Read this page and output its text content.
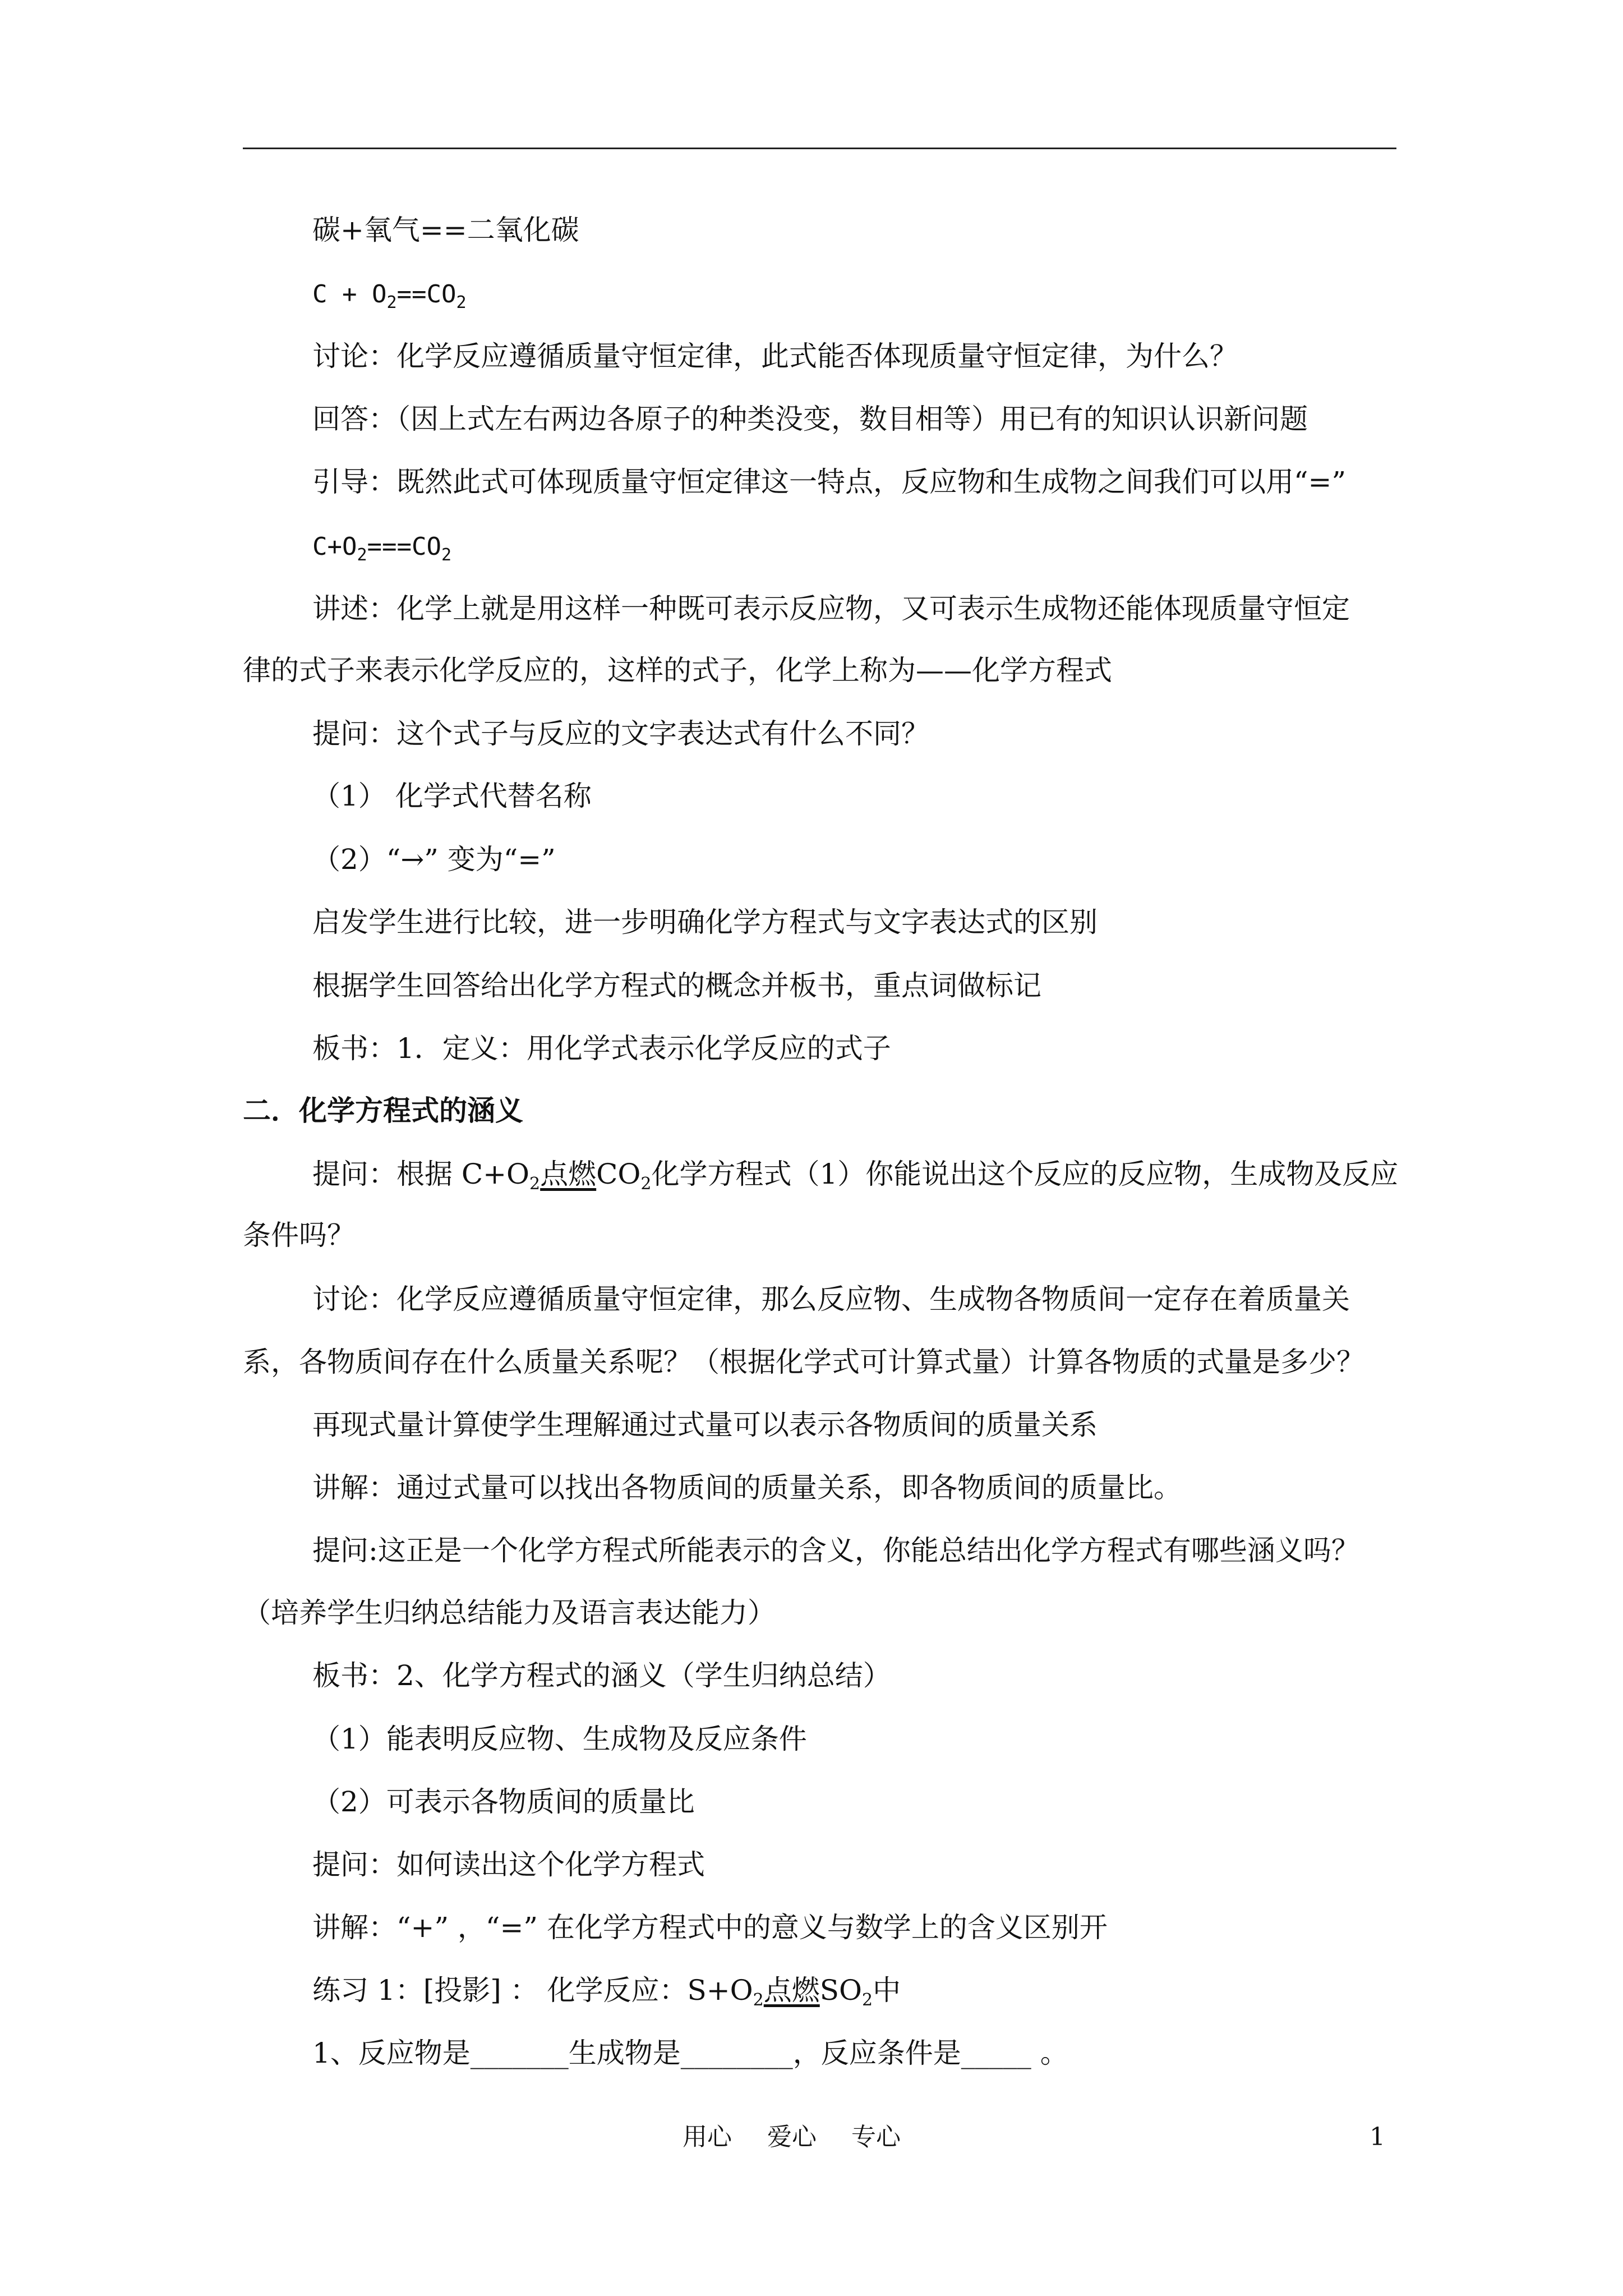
碳+氧气==二氧化碳
$C + O_2==CO_2$
讨论：化学反应遵循质量守恒定律，此式能否体现质量守恒定律，为什么？
回答：（因上式左右两边各原子的种类没变，数目相等）用已有的知识认识新问题
引导：既然此式可体现质量守恒定律这一特点，反应物和生成物之间我们可以用“=”
$C+O_2===CO_2$
讲述：化学上就是用这样一种既可表示反应物，又可表示生成物还能体现质量守恒定
律的式子来表示化学反应的，这样的式子，化学上称为——化学方程式
提问：这个式子与反应的文字表达式有什么不同？
（1） 化学式代替名称
（2）“→” 变为“=”
启发学生进行比较，进一步明确化学方程式与文字表达式的区别
根据学生回答给出化学方程式的概念并板书，重点词做标记
板书：1．定义：用化学式表示化学反应的式子
二．化学方程式的涵义
提问：根据 $C+O_2$点燃$CO_2$化学方程式（1）你能说出这个反应的反应物，生成物及反应
条件吗？
讨论：化学反应遵循质量守恒定律，那么反应物、生成物各物质间一定存在着质量关
系，各物质间存在什么质量关系呢？（根据化学式可计算式量）计算各物质的式量是多少？
再现式量计算使学生理解通过式量可以表示各物质间的质量关系
讲解：通过式量可以找出各物质间的质量关系，即各物质间的质量比。
提问:这正是一个化学方程式所能表示的含义，你能总结出化学方程式有哪些涵义吗？
（培养学生归纳总结能力及语言表达能力）
板书：2、化学方程式的涵义（学生归纳总结）
（1）能表明反应物、生成物及反应条件
（2）可表示各物质间的质量比
提问：如何读出这个化学方程式
讲解：“+” ，“=” 在化学方程式中的意义与数学上的含义区别开
练习 1：[投影] ： 化学反应：$S+O_2$点燃$SO_2$中
1、反应物是_______生成物是________，反应条件是_____ 。
用心 爱心 专心	1
